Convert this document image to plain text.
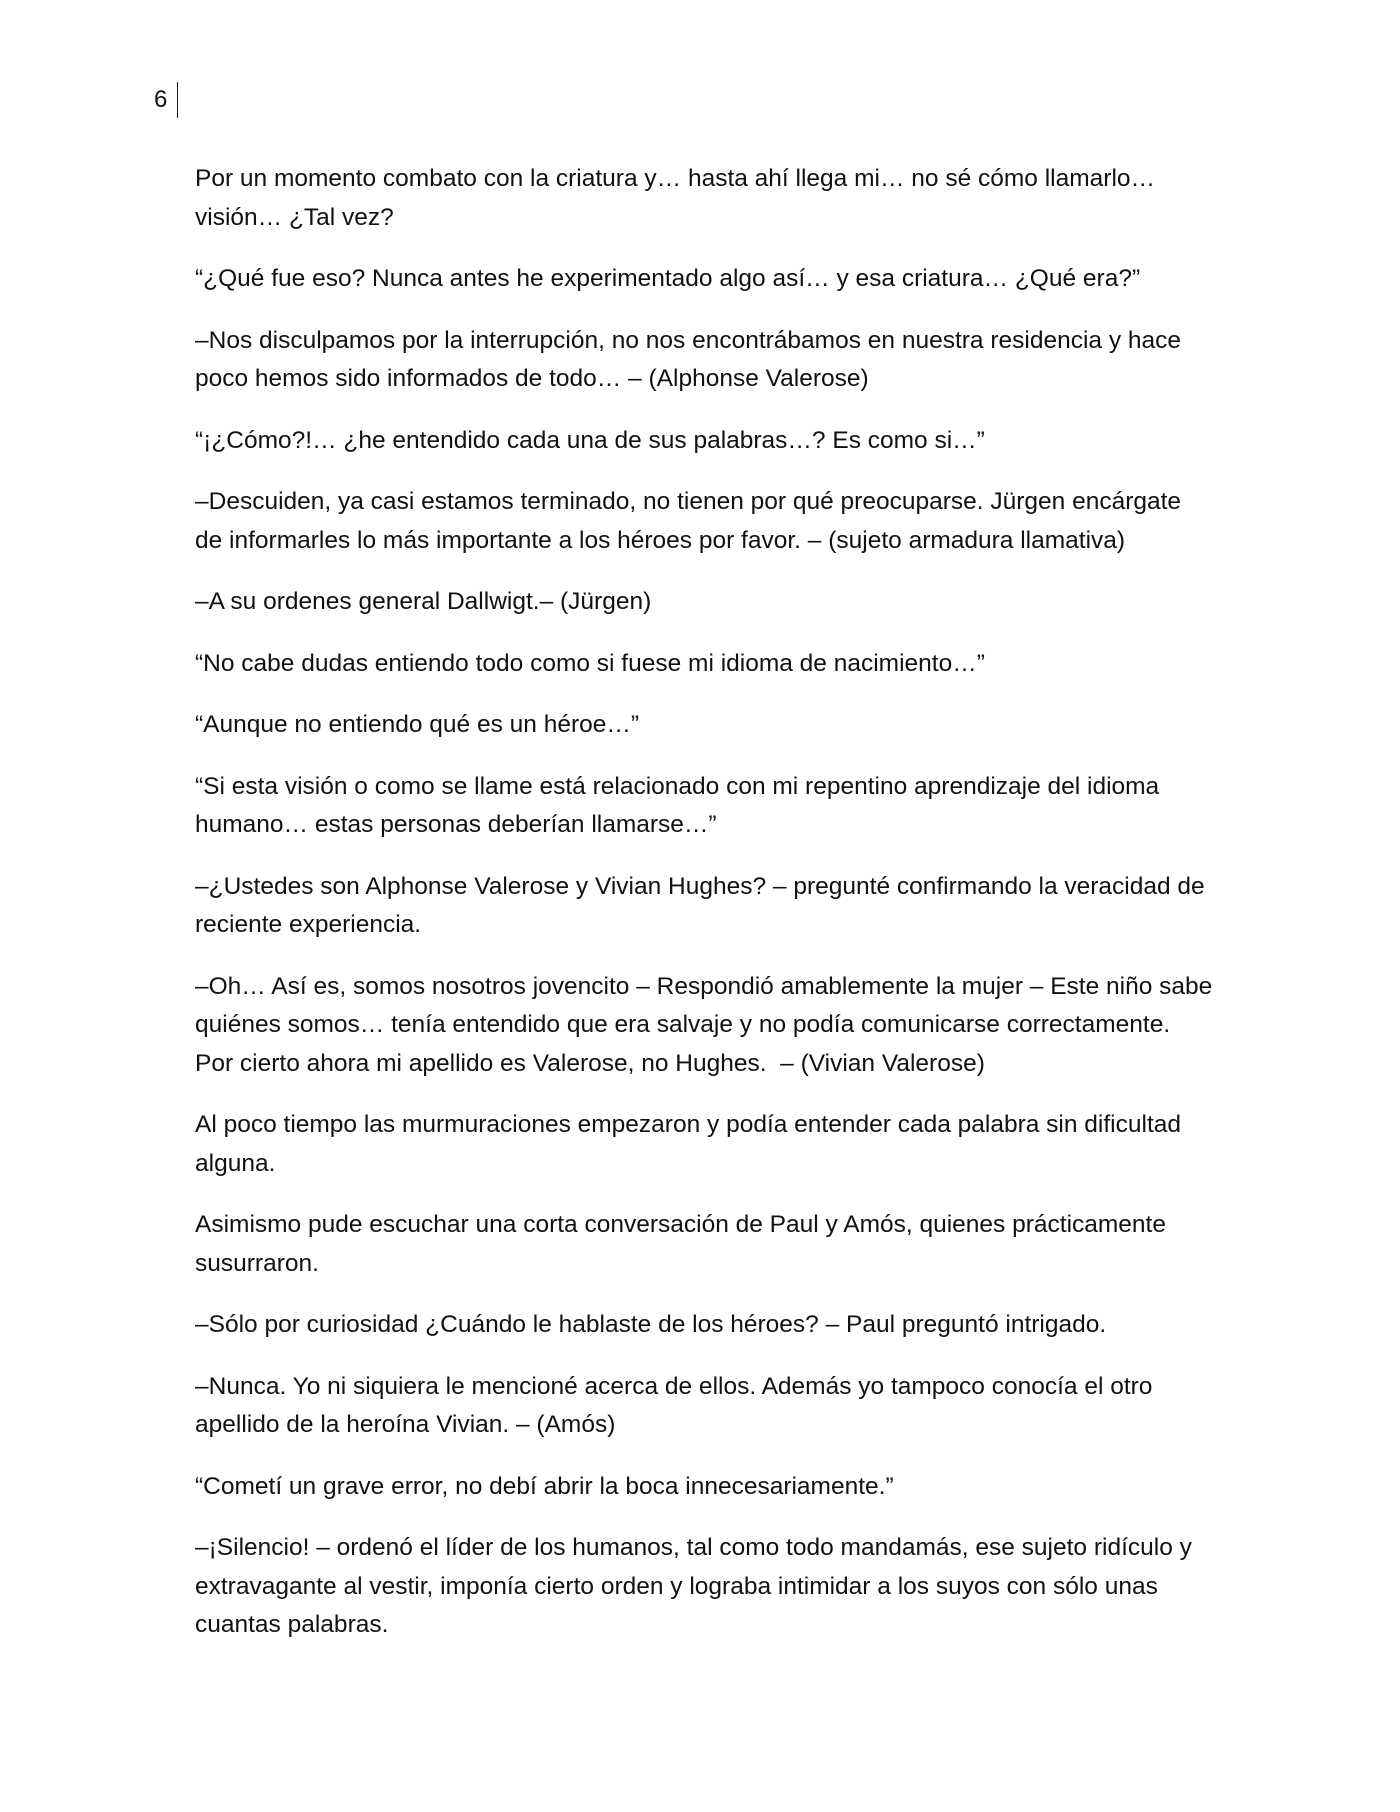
6

Por un momento combato con la criatura y… hasta ahí llega mi… no sé cómo llamarlo… visión… ¿Tal vez?

“¿Qué fue eso? Nunca antes he experimentado algo así… y esa criatura… ¿Qué era?”

–Nos disculpamos por la interrupción, no nos encontrábamos en nuestra residencia y hace poco hemos sido informados de todo… – (Alphonse Valerose)

“¡¿Cómo?!… ¿he entendido cada una de sus palabras…? Es como si…”

–Descuiden, ya casi estamos terminado, no tienen por qué preocuparse. Jürgen encárgate de informarles lo más importante a los héroes por favor. – (sujeto armadura llamativa)

–A su ordenes general Dallwigt.– (Jürgen)

“No cabe dudas entiendo todo como si fuese mi idioma de nacimiento…”

“Aunque no entiendo qué es un héroe…”

“Si esta visión o como se llame está relacionado con mi repentino aprendizaje del idioma humano… estas personas deberían llamarse…”

–¿Ustedes son Alphonse Valerose y Vivian Hughes? – pregunté confirmando la veracidad de reciente experiencia.

–Oh… Así es, somos nosotros jovencito – Respondió amablemente la mujer – Este niño sabe quiénes somos… tenía entendido que era salvaje y no podía comunicarse correctamente. Por cierto ahora mi apellido es Valerose, no Hughes.  – (Vivian Valerose)

Al poco tiempo las murmuraciones empezaron y podía entender cada palabra sin dificultad alguna.

Asimismo pude escuchar una corta conversación de Paul y Amós, quienes prácticamente susurraron.

–Sólo por curiosidad ¿Cuándo le hablaste de los héroes? – Paul preguntó intrigado.

–Nunca. Yo ni siquiera le mencioné acerca de ellos. Además yo tampoco conocía el otro apellido de la heroína Vivian. – (Amós)

“Cometí un grave error, no debí abrir la boca innecesariamente.”

–¡Silencio! – ordenó el líder de los humanos, tal como todo mandamás, ese sujeto ridículo y extravagante al vestir, imponía cierto orden y lograba intimidar a los suyos con sólo unas cuantas palabras.
